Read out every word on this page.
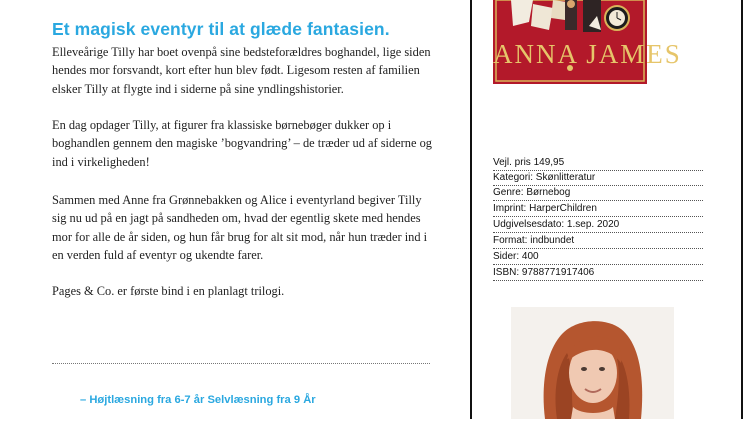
Et magisk eventyr til at glæde fantasien.

Elleveårige Tilly har boet ovenpå sine bedsteforældres boghandel, lige siden hendes mor forsvandt, kort efter hun blev født. Ligesom resten af familien elsker Tilly at flygte ind i siderne på sine yndlingshistorier.

En dag opdager Tilly, at figurer fra klassiske børnebøger dukker op i boghandlen gennem den magiske ’bogvandring’ – de træder ud af siderne og ind i virkeligheden!

Sammen med Anne fra Grønnebakken og Alice i eventyrland begiver Tilly sig nu ud på en jagt på sandheden om, hvad der egentlig skete med hendes mor for alle de år siden, og hun får brug for alt sit mod, når hun træder ind i en verden fuld af eventyr og ukendte farer.

Pages & Co. er første bind i en planlagt trilogi.

– Højtlæsning fra 6-7 år Selvlæsning fra 9 År
ANNA JAMES
Vejl. pris 149,95
Kategori: Skønlitteratur
Genre: Børnebog
Imprint: HarperChildren
Udgivelsesdato: 1.sep. 2020
Format: indbundet
Sider: 400
ISBN: 9788771917406
